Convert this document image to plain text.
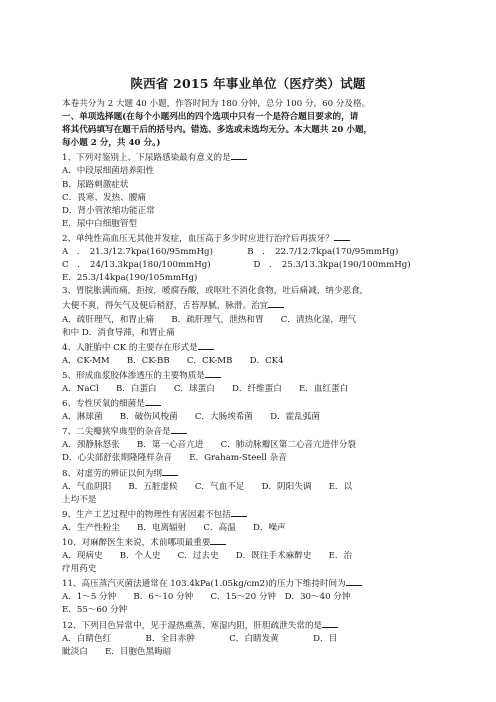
陕西省 2015 年事业单位（医疗类）试题
本卷共分为 2 大题 40 小题，作答时间为 180 分钟，总分 100 分，60 分及格。
一、单项选择题(在每个小题列出的四个选项中只有一个是符合题目要求的，请
将其代码填写在题干后的括号内。错选、多选或未选均无分。本大题共 20 小题，
每小题 2 分，共 40 分。)
1、下列对鉴别上、下尿路感染最有意义的是
A．中段尿细菌培养阳性
B．尿路刺激症状
C．畏寒、发热、腰痛
D．肾小管浓缩功能正常
E．尿中白细胞管型
2、单纯性高血压无其他并发症，血压高于多少时应进行治疗后再拔牙？
A　．　21.3/12.7kpa(160/95mmHg)　　　　B　．　22.7/12.7kpa(170/95mmHg)
C　．　24/13.3kpa(180/100mmHg)　　　　　D　．　25.3/13.3kpa(190/100mmHg)
E．25.3/14kpa(190/105mmHg)
3、胃脘胀满而痛，拒按，嗳腐吞酸，或呕吐不消化食物，吐后痛减，纳少恶食，
大便不爽，得矢气及便后稍舒，舌苔厚腻，脉滑。治宜
A．疏肝理气，和胃止痛　　B．疏肝理气，泄热和胃　　C．清热化湿，理气
和中 D．消食导滞，和胃止痛
4、人脏胎中 CK 的主要存在形式是
A．CK-MM　　B．CK-BB　　C．CK-MB　　D．CK4
5、形成血浆胶体渗透压的主要物质是
A．NaCl　　B．白蛋白　　C．球蛋白　　D．纤维蛋白　　E．血红蛋白
6、专性厌氧的细菌是
A．淋球菌　　B．破伤风梭菌　　C．大肠埃希菌　　D．霍乱弧菌
7、二尖瓣狭窄典型的杂音是
A．颈静脉怒张　　B．第一心音亢进　　C．肺动脉瓣区第二心音亢进伴分裂
D．心尖部舒张期隆隆样杂音　　E．Graham-Steell 杂音
8、对虚劳的辨证以何为纲
A．气血阴阳　　B．五脏虚候　　C．气血不足　　D．阴阳失调　　E．以
上均不是
9、生产工艺过程中的物理性有害因素不包括
A．生产性粉尘　　B．电离辐射　　C．高温　　D．噪声
10、对麻醉医生来说，术前哪项最重要
A．现病史　　B．个人史　　C．过去史　　D．既往手术麻醉史　　E．治
疗用药史
11、高压蒸汽灭菌法通常在 103.4kPa(1.05kg/cm2)的压力下维持时间为
A．1～5 分钟　　B．6～10 分钟　　C．15～20 分钟　D．30～40 分钟
E．55～60 分钟
12、下列目色异常中，见于湿热熏蒸、寒湿内阻，肝胆疏泄失常的是
A．白睛色红　　　　B．全目赤肿　　　　C．白睛发黄　　　　D．目
眦淡白　　E．目胞色黑晦暗
